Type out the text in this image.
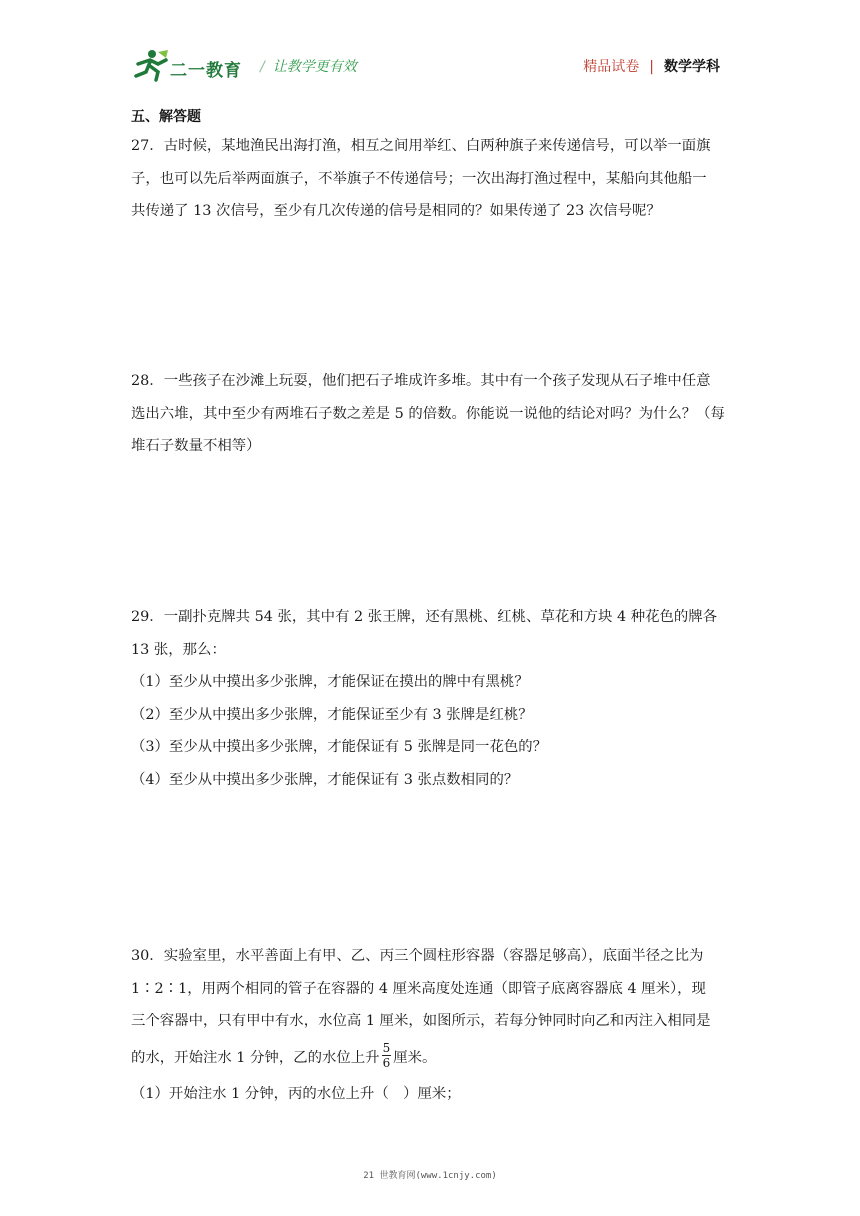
二一教育 / 让教学更有效	精品试卷 | 数学学科
五、解答题
27．古时候，某地渔民出海打渔，相互之间用举红、白两种旗子来传递信号，可以举一面旗
子，也可以先后举两面旗子，不举旗子不传递信号；一次出海打渔过程中，某船向其他船一
共传递了 13 次信号，至少有几次传递的信号是相同的？如果传递了 23 次信号呢？
28．一些孩子在沙滩上玩耍，他们把石子堆成许多堆。其中有一个孩子发现从石子堆中任意
选出六堆，其中至少有两堆石子数之差是 5 的倍数。你能说一说他的结论对吗？为什么？（每
堆石子数量不相等）
29．一副扑克牌共 54 张，其中有 2 张王牌，还有黑桃、红桃、草花和方块 4 种花色的牌各
13 张，那么：
（1）至少从中摸出多少张牌，才能保证在摸出的牌中有黑桃？
（2）至少从中摸出多少张牌，才能保证至少有 3 张牌是红桃？
（3）至少从中摸出多少张牌，才能保证有 5 张牌是同一花色的？
（4）至少从中摸出多少张牌，才能保证有 3 张点数相同的？
30．实验室里，水平善面上有甲、乙、丙三个圆柱形容器（容器足够高），底面半径之比为
1∶2∶1，用两个相同的管子在容器的 4 厘米高度处连通（即管子底离容器底 4 厘米），现
三个容器中，只有甲中有水，水位高 1 厘米，如图所示，若每分钟同时向乙和丙注入相同是
的水，开始注水 1 分钟，乙的水位上升 $\frac{5}{6}$ 厘米。
（1）开始注水 1 分钟，丙的水位上升（　）厘米；
21 世教育网(www.1cnjy.com)
